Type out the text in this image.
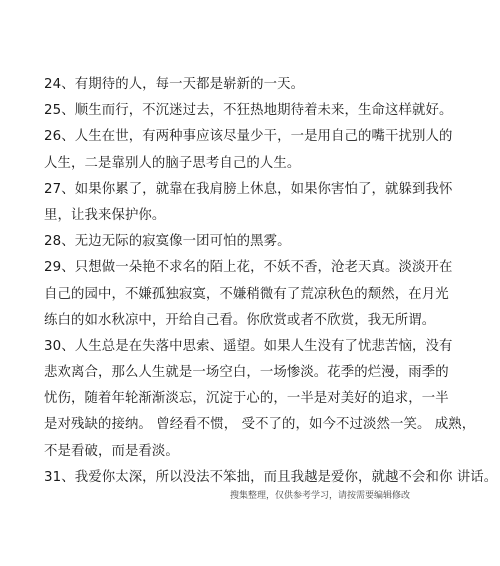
24、有期待的人，每一天都是崭新的一天。
25、顺生而行，不沉迷过去，不狂热地期待着未来，生命这样就好。
26、人生在世，有两种事应该尽量少干，一是用自己的嘴干扰别人的
人生，二是靠别人的脑子思考自己的人生。
27、如果你累了，就靠在我肩膀上休息，如果你害怕了，就躲到我怀
里，让我来保护你。
28、无边无际的寂寞像一团可怕的黑雾。
29、只想做一朵艳不求名的陌上花，不妖不香，沧老天真。淡淡开在
自己的园中，不嫌孤独寂寞，不嫌稍微有了荒凉秋色的颓然，在月光
练白的如水秋凉中，开给自己看。你欣赏或者不欣赏，我无所谓。
30、人生总是在失落中思索、遥望。如果人生没有了忧悲苦恼，没有
悲欢离合，那么人生就是一场空白，一场惨淡。花季的烂漫，雨季的
忧伤，随着年轮渐渐淡忘，沉淀于心的，一半是对美好的追求，一半
是对残缺的接纳。 曾经看不惯， 受不了的，如今不过淡然一笑。 成熟，
不是看破，而是看淡。
31、我爱你太深，所以没法不笨拙，而且我越是爱你，就越不会和你 讲话。
搜集整理，仅供参考学习，请按需要编辑修改
